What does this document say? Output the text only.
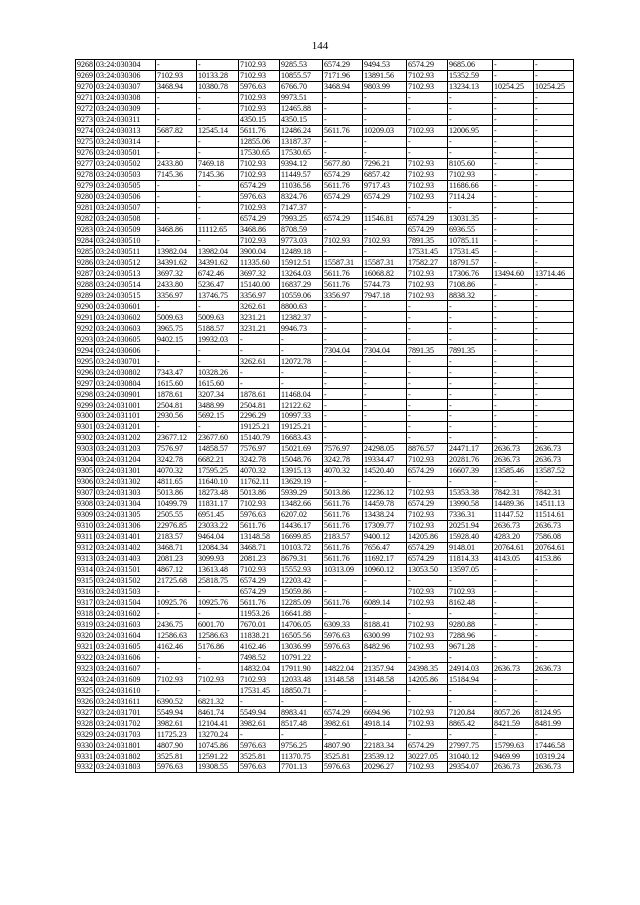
144
9268	03:24:030304	-	-	7102.93	9285.53	6574.29	9494.53	6574.29	9685.06	-	-
9269	03:24:030306	7102.93	10133.28	7102.93	10855.57	7171.96	13891.56	7102.93	15352.59	-	-
9270	03:24:030307	3468.94	10380.78	5976.63	6766.70	3468.94	9803.99	7102.93	13234.13	10254.25	10254.25
9271	03:24:030308	-	-	7102.93	9973.51	-	-	-	-	-	-
9272	03:24:030309	-	-	7102.93	12465.88	-	-	-	-	-	-
9273	03:24:030311	-	-	4350.15	4350.15	-	-	-	-	-	-
9274	03:24:030313	5687.82	12545.14	5611.76	12486.24	5611.76	10209.03	7102.93	12006.95	-	-
9275	03:24:030314	-	-	12855.06	13187.37	-	-	-	-	-	-
9276	03:24:030501	-	-	17530.65	17530.65	-	-	-	-	-	-
9277	03:24:030502	2433.80	7469.18	7102.93	9394.12	5677.80	7296.21	7102.93	8105.60	-	-
9278	03:24:030503	7145.36	7145.36	7102.93	11449.57	6574.29	6857.42	7102.93	7102.93	-	-
9279	03:24:030505	-	-	6574.29	11036.56	5611.76	9717.43	7102.93	11686.66	-	-
9280	03:24:030506	-	-	5976.63	8324.76	6574.29	6574.29	7102.93	7114.24	-	-
9281	03:24:030507	-	-	7102.93	7147.37	-	-	-	-	-	-
9282	03:24:030508	-	-	6574.29	7993.25	6574.29	11546.81	6574.29	13031.35	-	-
9283	03:24:030509	3468.86	11112.65	3468.86	8708.59	-	-	6574.29	6936.55	-	-
9284	03:24:030510	-	-	7102.93	9773.03	7102.93	7102.93	7891.35	10785.11	-	-
9285	03:24:030511	13982.04	13982.04	3900.04	12489.18	-	-	17531.45	17531.45	-	-
9286	03:24:030512	34391.62	34391.62	11335.60	15912.51	15587.31	15587.31	17582.27	18791.57	-	-
9287	03:24:030513	3697.32	6742.46	3697.32	13264.03	5611.76	16068.82	7102.93	17306.76	13494.60	13714.46
9288	03:24:030514	2433.80	5236.47	15140.00	16837.29	5611.76	5744.73	7102.93	7108.86	-	-
9289	03:24:030515	3356.97	13746.75	3356.97	10559.06	3356.97	7947.18	7102.93	8838.32	-	-
9290	03:24:030601	-	-	3262.61	8800.63	-	-	-	-	-	-
9291	03:24:030602	5009.63	5009.63	3231.21	12382.37	-	-	-	-	-	-
9292	03:24:030603	3965.75	5188.57	3231.21	9946.73	-	-	-	-	-	-
9293	03:24:030605	9402.15	19932.03	-	-	-	-	-	-	-	-
9294	03:24:030606	-	-	-	-	7304.04	7304.04	7891.35	7891.35	-	-
9295	03:24:030701	-	-	3262.61	12072.78	-	-	-	-	-	-
9296	03:24:030802	7343.47	10328.26	-	-	-	-	-	-	-	-
9297	03:24:030804	1615.60	1615.60	-	-	-	-	-	-	-	-
9298	03:24:030901	1878.61	3207.34	1878.61	11468.04	-	-	-	-	-	-
9299	03:24:031001	2504.81	3488.99	2504.81	12122.62	-	-	-	-	-	-
9300	03:24:031101	2930.56	5692.15	2296.29	10997.33	-	-	-	-	-	-
9301	03:24:031201	-	-	19125.21	19125.21	-	-	-	-	-	-
9302	03:24:031202	23677.12	23677.60	15140.79	16683.43	-	-	-	-	-	-
9303	03:24:031203	7576.97	14858.57	7576.97	15021.69	7576.97	24298.05	8876.57	24471.17	2636.73	2636.73
9304	03:24:031204	3242.78	6682.21	3242.78	15048.76	3242.78	19334.47	7102.93	20281.76	2636.73	2636.73
9305	03:24:031301	4070.32	17595.25	4070.32	13915.13	4070.32	14520.40	6574.29	16607.39	13585.46	13587.52
9306	03:24:031302	4811.65	11640.10	11762.11	13629.19	-	-	-	-	-	-
9307	03:24:031303	5013.86	18273.48	5013.86	5939.29	5013.86	12236.12	7102.93	15353.38	7842.31	7842.31
9308	03:24:031304	10499.79	11831.17	7102.93	13482.66	5611.76	14459.78	6574.29	13990.58	14489.36	14511.13
9309	03:24:031305	2505.55	6951.45	5976.63	6207.02	5611.76	13438.24	7102.93	7336.31	11447.52	11514.61
9310	03:24:031306	22976.85	23033.22	5611.76	14436.17	5611.76	17309.77	7102.93	20251.94	2636.73	2636.73
9311	03:24:031401	2183.57	9464.04	13148.58	16699.85	2183.57	9400.12	14205.86	15928.40	4283.20	7586.08
9312	03:24:031402	3468.71	12084.34	3468.71	10103.72	5611.76	7656.47	6574.29	9148.01	20764.61	20764.61
9313	03:24:031403	2081.23	3099.93	2081.23	8679.31	5611.76	11692.17	6574.29	11814.33	4143.05	4153.86
9314	03:24:031501	4867.12	13613.48	7102.93	15552.93	10313.09	10960.12	13053.50	13597.05	-	-
9315	03:24:031502	21725.68	25818.75	6574.29	12203.42	-	-	-	-	-	-
9316	03:24:031503	-	-	6574.29	15059.86	-	-	7102.93	7102.93	-	-
9317	03:24:031504	10925.76	10925.76	5611.76	12285.09	5611.76	6089.14	7102.93	8162.48	-	-
9318	03:24:031602	-	-	11953.26	16641.88	-	-	-	-	-	-
9319	03:24:031603	2436.75	6001.70	7670.01	14706.05	6309.33	8188.41	7102.93	9280.88	-	-
9320	03:24:031604	12586.63	12586.63	11838.21	16505.56	5976.63	6300.99	7102.93	7288.96	-	-
9321	03:24:031605	4162.46	5176.86	4162.46	13036.99	5976.63	8482.96	7102.93	9671.28	-	-
9322	03:24:031606	-	-	7498.52	10791.22	-	-	-	-	-	-
9323	03:24:031607	-	-	14832.04	17911.90	14822.04	21357.94	24398.35	24914.03	2636.73	2636.73
9324	03:24:031609	7102.93	7102.93	7102.93	12033.48	13148.58	13148.58	14205.86	15184.94	-	-
9325	03:24:031610	-	-	17531.45	18850.71	-	-	-	-	-	-
9326	03:24:031611	6390.52	6821.32	-	-	-	-	-	-	-	-
9327	03:24:031701	5549.94	8461.74	5549.94	8983.41	6574.29	6694.96	7102.93	7120.84	8057.26	8124.95
9328	03:24:031702	3982.61	12104.41	3982.61	8517.48	3982.61	4918.14	7102.93	8865.42	8421.59	8481.99
9329	03:24:031703	11725.23	13270.24	-	-	-	-	-	-	-	-
9330	03:24:031801	4807.90	10745.86	5976.63	9756.25	4807.90	22183.34	6574.29	27997.75	15799.63	17446.58
9331	03:24:031802	3525.81	12591.22	3525.81	11370.75	3525.81	23539.12	30227.05	31040.12	9469.99	10319.24
9332	03:24:031803	5976.63	19308.55	5976.63	7701.13	5976.63	20296.27	7102.93	29354.07	2636.73	2636.73
